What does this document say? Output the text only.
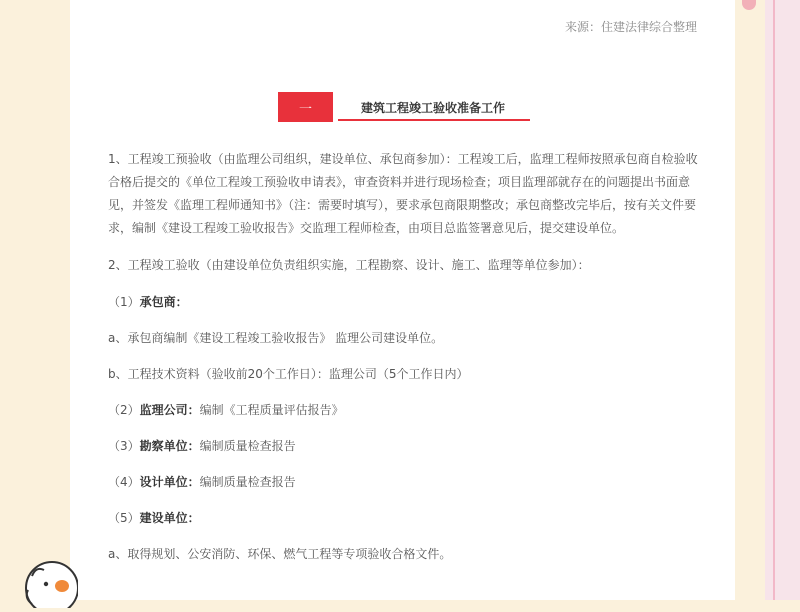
来源：住建法律综合整理
一	建筑工程竣工验收准备工作

1、工程竣工预验收（由监理公司组织，建设单位、承包商参加）：工程竣工后，监理工程师按照承包商自检验收合格后提交的《单位工程竣工预验收申请表》，审查资料并进行现场检查；项目监理部就存在的问题提出书面意见，并签发《监理工程师通知书》（注：需要时填写），要求承包商限期整改；承包商整改完毕后，按有关文件要求，编制《建设工程竣工验收报告》交监理工程师检查，由项目总监签署意见后，提交建设单位。

2、工程竣工验收（由建设单位负责组织实施，工程勘察、设计、施工、监理等单位参加）：

（1）承包商：

a、承包商编制《建设工程竣工验收报告》 监理公司建设单位。

b、工程技术资料（验收前20个工作日）：监理公司（5个工作日内）

（2）监理公司：编制《工程质量评估报告》

（3）勘察单位：编制质量检查报告

（4）设计单位：编制质量检查报告

（5）建设单位：

a、取得规划、公安消防、环保、燃气工程等专项验收合格文件。
